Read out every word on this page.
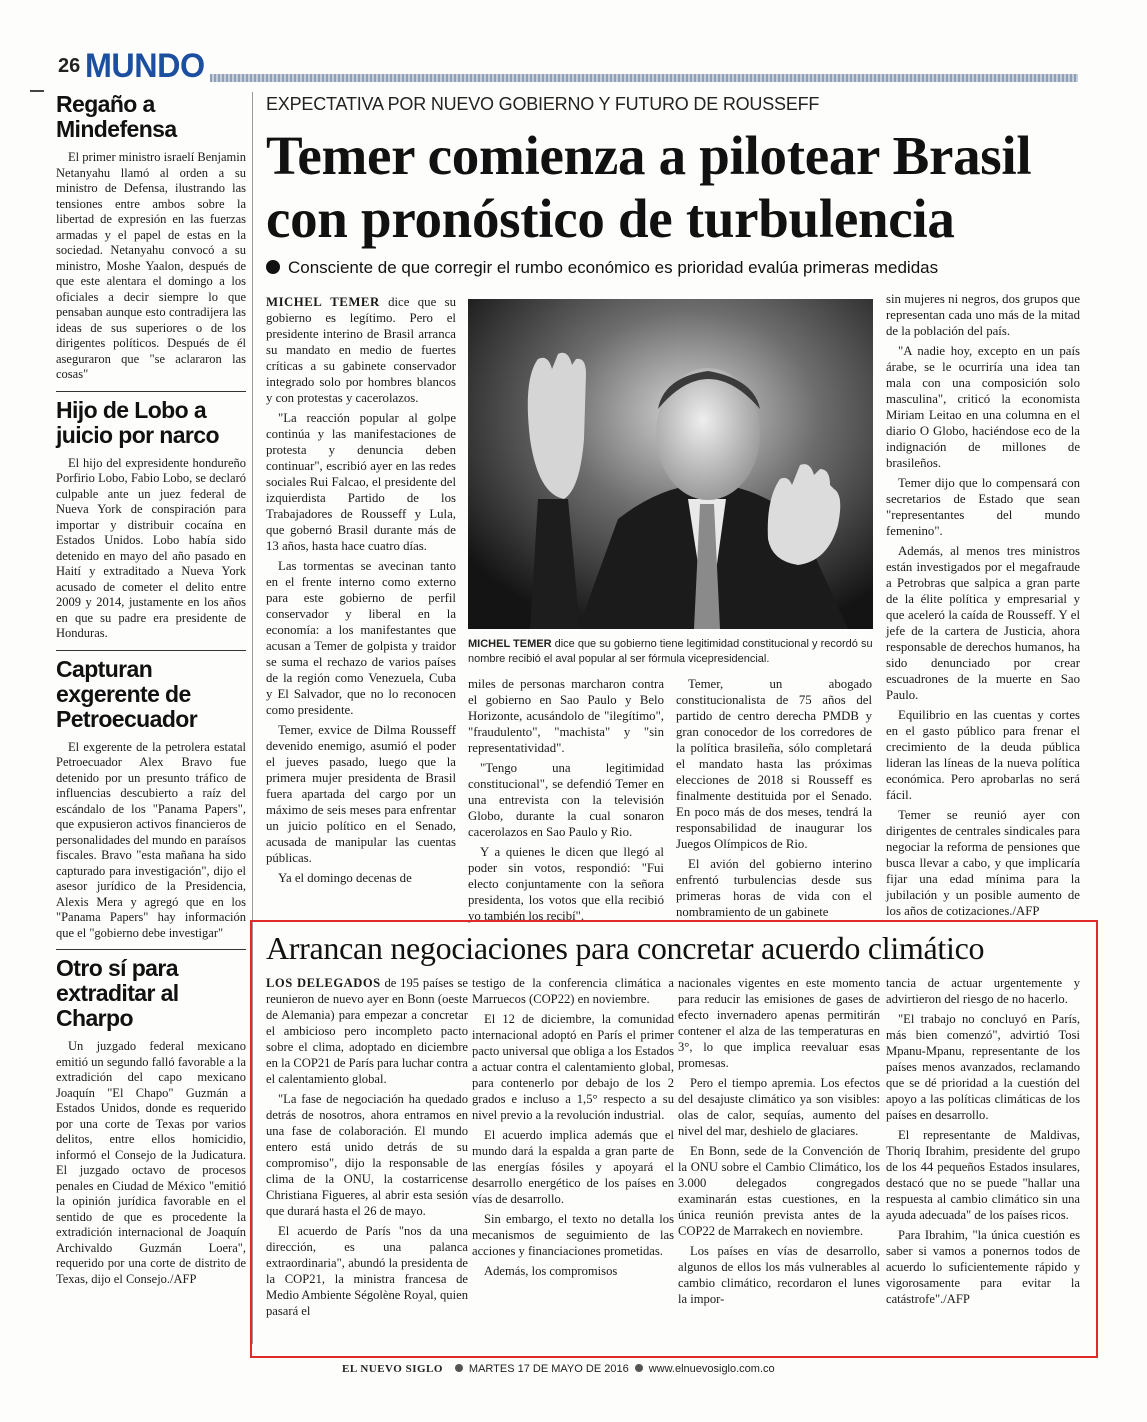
26 MUNDO
Regaño a Mindefensa

El primer ministro israelí Benjamin Netanyahu llamó al orden a su ministro de Defensa, ilustrando las tensiones entre ambos sobre la libertad de expresión en las fuerzas armadas y el papel de estas en la sociedad. Netanyahu convocó a su ministro, Moshe Yaalon, después de que este alentara el domingo a los oficiales a decir siempre lo que pensaban aunque esto contradijera las ideas de sus superiores o de los dirigentes políticos. Después de él aseguraron que "se aclararon las cosas"

Hijo de Lobo a juicio por narco

El hijo del expresidente hondureño Porfirio Lobo, Fabio Lobo, se declaró culpable ante un juez federal de Nueva York de conspiración para importar y distribuir cocaína en Estados Unidos. Lobo había sido detenido en mayo del año pasado en Haití y extraditado a Nueva York acusado de cometer el delito entre 2009 y 2014, justamente en los años en que su padre era presidente de Honduras.

Capturan exgerente de Petroecuador

El exgerente de la petrolera estatal Petroecuador Alex Bravo fue detenido por un presunto tráfico de influencias descubierto a raíz del escándalo de los "Panama Papers", que expusieron activos financieros de personalidades del mundo en paraísos fiscales. Bravo "esta mañana ha sido capturado para investigación", dijo el asesor jurídico de la Presidencia, Alexis Mera y agregó que en los "Panama Papers" hay información que el "gobierno debe investigar"

Otro sí para extraditar al Charpo

Un juzgado federal mexicano emitió un segundo falló favorable a la extradición del capo mexicano Joaquín "El Chapo" Guzmán a Estados Unidos, donde es requerido por una corte de Texas por varios delitos, entre ellos homicidio, informó el Consejo de la Judicatura. El juzgado octavo de procesos penales en Ciudad de México "emitió la opinión jurídica favorable en el sentido de que es procedente la extradición internacional de Joaquín Archivaldo Guzmán Loera", requerido por una corte de distrito de Texas, dijo el Consejo./AFP

EXPECTATIVA POR NUEVO GOBIERNO Y FUTURO DE ROUSSEFF
Temer comienza a pilotear Brasil con pronóstico de turbulencia
Consciente de que corregir el rumbo económico es prioridad evalúa primeras medidas

MICHEL TEMER dice que su gobierno es legítimo. Pero el presidente interino de Brasil arranca su mandato en medio de fuertes críticas a su gabinete conservador integrado solo por hombres blancos y con protestas y cacerolazos.

"La reacción popular al golpe continúa y las manifestaciones de protesta y denuncia deben continuar", escribió ayer en las redes sociales Rui Falcao, el presidente del izquierdista Partido de los Trabajadores de Rousseff y Lula, que gobernó Brasil durante más de 13 años, hasta hace cuatro días.

Las tormentas se avecinan tanto en el frente interno como externo para este gobierno de perfil conservador y liberal en la economía: a los manifestantes que acusan a Temer de golpista y traidor se suma el rechazo de varios países de la región como Venezuela, Cuba y El Salvador, que no lo reconocen como presidente.

Temer, exvice de Dilma Rousseff devenido enemigo, asumió el poder el jueves pasado, luego que la primera mujer presidenta de Brasil fuera apartada del cargo por un máximo de seis meses para enfrentar un juicio político en el Senado, acusada de manipular las cuentas públicas.

Ya el domingo decenas de

MICHEL TEMER dice que su gobierno tiene legitimidad constitucional y recordó su nombre recibió el aval popular al ser fórmula vicepresidencial.

miles de personas marcharon contra el gobierno en Sao Paulo y Belo Horizonte, acusándolo de "ilegítimo", "fraudulento", "machista" y "sin representatividad".

"Tengo una legitimidad constitucional", se defendió Temer en una entrevista con la televisión Globo, durante la cual sonaron cacerolazos en Sao Paulo y Rio.

Y a quienes le dicen que llegó al poder sin votos, respondió: "Fui electo conjuntamente con la señora presidenta, los votos que ella recibió yo también los recibí".

Temer, un abogado constitucionalista de 75 años del partido de centro derecha PMDB y gran conocedor de los corredores de la política brasileña, sólo completará el mandato hasta las próximas elecciones de 2018 si Rousseff es finalmente destituida por el Senado. En poco más de dos meses, tendrá la responsabilidad de inaugurar los Juegos Olímpicos de Rio.

El avión del gobierno interino enfrentó turbulencias desde sus primeras horas de vida con el nombramiento de un gabinete

sin mujeres ni negros, dos grupos que representan cada uno más de la mitad de la población del país.

"A nadie hoy, excepto en un país árabe, se le ocurriría una idea tan mala con una composición solo masculina", criticó la economista Miriam Leitao en una columna en el diario O Globo, haciéndose eco de la indignación de millones de brasileños.

Temer dijo que lo compensará con secretarios de Estado que sean "representantes del mundo femenino".

Además, al menos tres ministros están investigados por el megafraude a Petrobras que salpica a gran parte de la élite política y empresarial y que aceleró la caída de Rousseff. Y el jefe de la cartera de Justicia, ahora responsable de derechos humanos, ha sido denunciado por crear escuadrones de la muerte en Sao Paulo.

Equilibrio en las cuentas y cortes en el gasto público para frenar el crecimiento de la deuda pública lideran las líneas de la nueva política económica. Pero aprobarlas no será fácil.

Temer se reunió ayer con dirigentes de centrales sindicales para negociar la reforma de pensiones que busca llevar a cabo, y que implicaría fijar una edad mínima para la jubilación y un posible aumento de los años de cotizaciones./AFP

Arrancan negociaciones para concretar acuerdo climático

LOS DELEGADOS de 195 países se reunieron de nuevo ayer en Bonn (oeste de Alemania) para empezar a concretar el ambicioso pero incompleto pacto sobre el clima, adoptado en diciembre en la COP21 de París para luchar contra el calentamiento global.

"La fase de negociación ha quedado detrás de nosotros, ahora entramos en una fase de colaboración. El mundo entero está unido detrás de su compromiso", dijo la responsable de clima de la ONU, la costarricense Christiana Figueres, al abrir esta sesión que durará hasta el 26 de mayo.

El acuerdo de París "nos da una dirección, es una palanca extraordinaria", abundó la presidenta de la COP21, la ministra francesa de Medio Ambiente Ségolène Royal, quien pasará el

testigo de la conferencia climática a Marruecos (COP22) en noviembre.

El 12 de diciembre, la comunidad internacional adoptó en París el primer pacto universal que obliga a los Estados a actuar contra el calentamiento global, para contenerlo por debajo de los 2 grados e incluso a 1,5° respecto a su nivel previo a la revolución industrial.

El acuerdo implica además que el mundo dará la espalda a gran parte de las energías fósiles y apoyará el desarrollo energético de los países en vías de desarrollo.

Sin embargo, el texto no detalla los mecanismos de seguimiento de las acciones y financiaciones prometidas.

Además, los compromisos

nacionales vigentes en este momento para reducir las emisiones de gases de efecto invernadero apenas permitirán contener el alza de las temperaturas en 3°, lo que implica reevaluar esas promesas.

Pero el tiempo apremia. Los efectos del desajuste climático ya son visibles: olas de calor, sequías, aumento del nivel del mar, deshielo de glaciares.

En Bonn, sede de la Convención de la ONU sobre el Cambio Climático, los 3.000 delegados congregados examinarán estas cuestiones, en la única reunión prevista antes de la COP22 de Marrakech en noviembre.

Los países en vías de desarrollo, algunos de ellos los más vulnerables al cambio climático, recordaron el lunes la impor-

tancia de actuar urgentemente y advirtieron del riesgo de no hacerlo.

"El trabajo no concluyó en París, más bien comenzó", advirtió Tosi Mpanu-Mpanu, representante de los países menos avanzados, reclamando que se dé prioridad a la cuestión del apoyo a las políticas climáticas de los países en desarrollo.

El representante de Maldivas, Thoriq Ibrahim, presidente del grupo de los 44 pequeños Estados insulares, destacó que no se puede "hallar una respuesta al cambio climático sin una ayuda adecuada" de los países ricos.

Para Ibrahim, "la única cuestión es saber si vamos a ponernos todos de acuerdo lo suficientemente rápido y vigorosamente para evitar la catástrofe"./AFP

EL NUEVO SIGLO MARTES 17 DE MAYO DE 2016 www.elnuevosiglo.com.co
